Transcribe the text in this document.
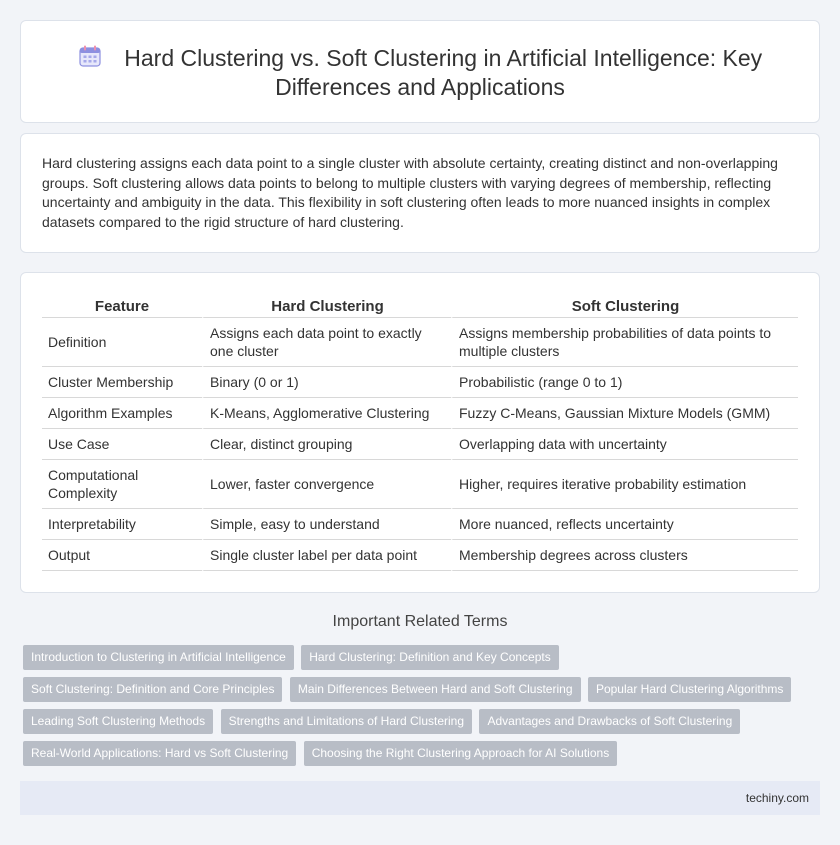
Hard Clustering vs. Soft Clustering in Artificial Intelligence: Key Differences and Applications

Hard clustering assigns each data point to a single cluster with absolute certainty, creating distinct and non-overlapping groups. Soft clustering allows data points to belong to multiple clusters with varying degrees of membership, reflecting uncertainty and ambiguity in the data. This flexibility in soft clustering often leads to more nuanced insights in complex datasets compared to the rigid structure of hard clustering.

Feature	Hard Clustering	Soft Clustering
Definition	Assigns each data point to exactly one cluster	Assigns membership probabilities of data points to multiple clusters
Cluster Membership	Binary (0 or 1)	Probabilistic (range 0 to 1)
Algorithm Examples	K-Means, Agglomerative Clustering	Fuzzy C-Means, Gaussian Mixture Models (GMM)
Use Case	Clear, distinct grouping	Overlapping data with uncertainty
Computational Complexity	Lower, faster convergence	Higher, requires iterative probability estimation
Interpretability	Simple, easy to understand	More nuanced, reflects uncertainty
Output	Single cluster label per data point	Membership degrees across clusters
Important Related Terms
Introduction to Clustering in Artificial Intelligence Hard Clustering: Definition and Key Concepts
Soft Clustering: Definition and Core Principles Main Differences Between Hard and Soft Clustering Popular Hard Clustering Algorithms
Leading Soft Clustering Methods Strengths and Limitations of Hard Clustering Advantages and Drawbacks of Soft Clustering
Real-World Applications: Hard vs Soft Clustering Choosing the Right Clustering Approach for AI Solutions
techiny.com
